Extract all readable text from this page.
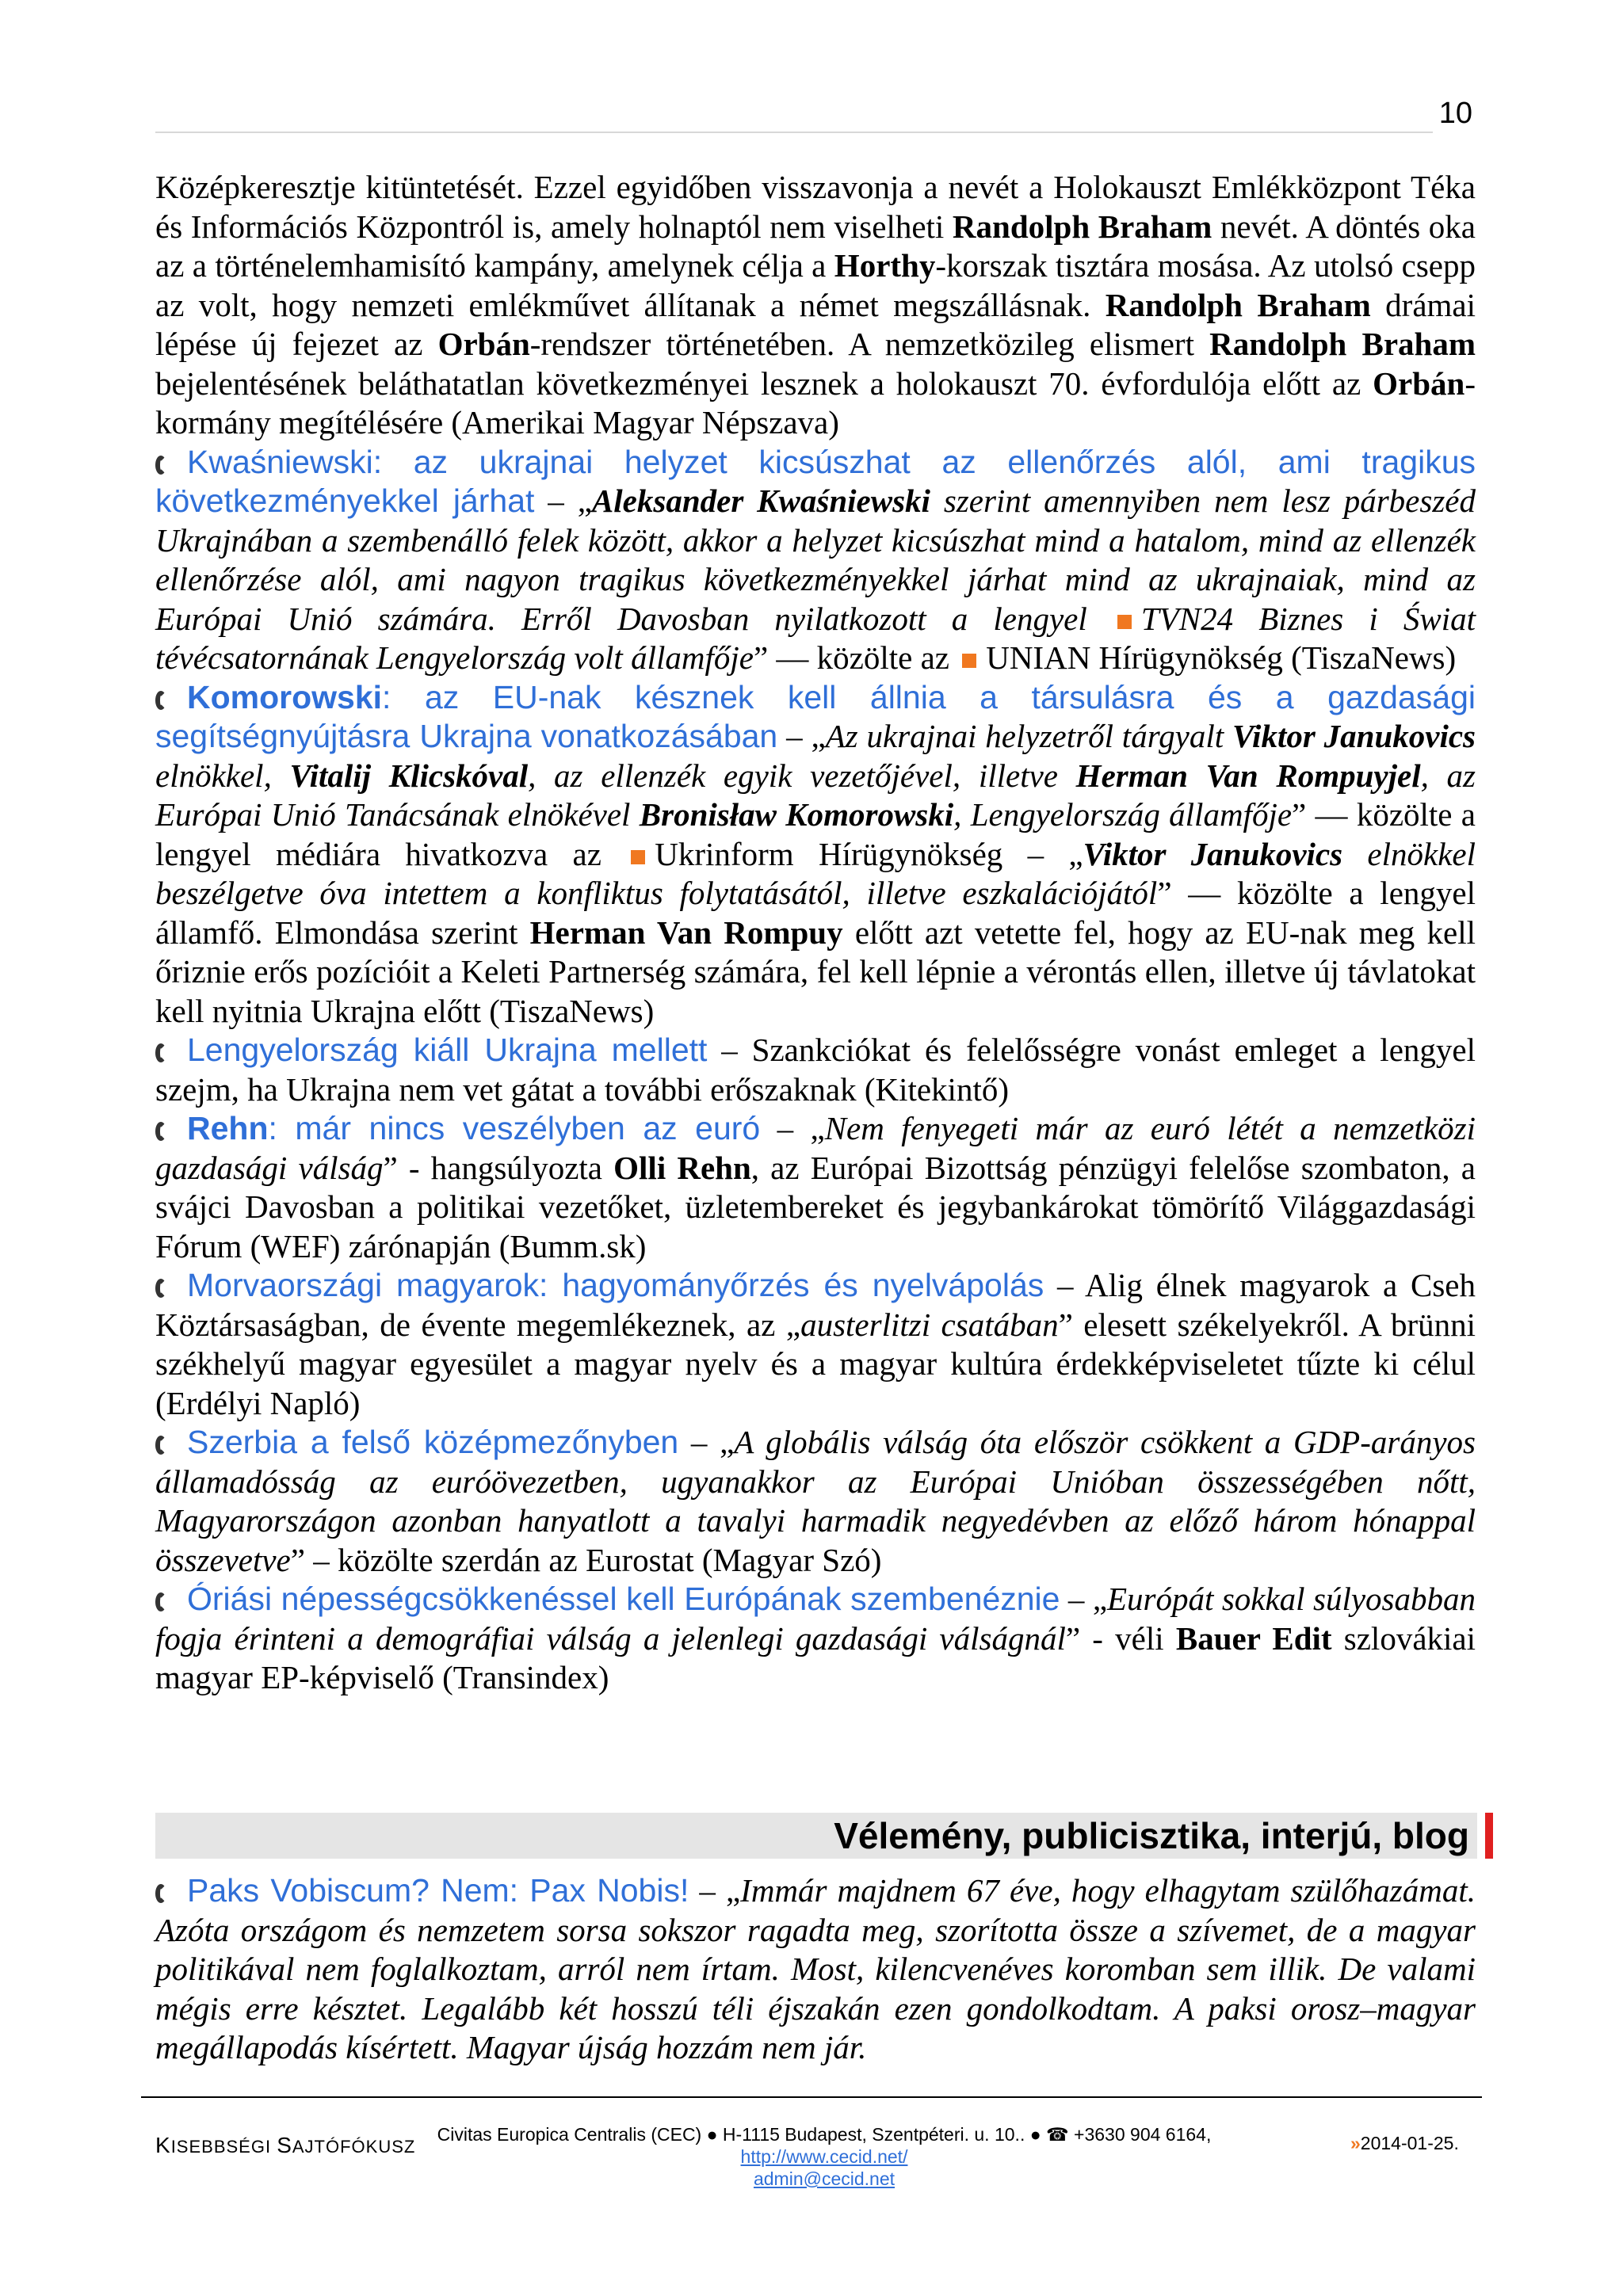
10

Középkeresztje kitüntetését. Ezzel egyidőben visszavonja a nevét a Holokauszt Emlékközpont Téka és Információs Központról is, amely holnaptól nem viselheti Randolph Braham nevét. A döntés oka az a történelemhamisító kampány, amelynek célja a Horthy-korszak tisztára mosása. Az utolsó csepp az volt, hogy nemzeti emlékművet állítanak a német megszállásnak. Randolph Braham drámai lépése új fejezet az Orbán-rendszer történetében. A nemzetközileg elismert Randolph Braham bejelentésének beláthatatlan következményei lesznek a holokauszt 70. évfordulója előtt az Orbán-kormány megítélésére (Amerikai Magyar Népszava)

Kwaśniewski: az ukrajnai helyzet kicsúszhat az ellenőrzés alól, ami tragikus következményekkel járhat – „Aleksander Kwaśniewski szerint amennyiben nem lesz párbeszéd Ukrajnában a szembenálló felek között, akkor a helyzet kicsúszhat mind a hatalom, mind az ellenzék ellenőrzése alól, ami nagyon tragikus következményekkel járhat mind az ukrajnaiak, mind az Európai Unió számára. Erről Davosban nyilatkozott a lengyel TVN24 Biznes i Świat tévécsatornának Lengyelország volt államfője” — közölte az UNIAN Hírügynökség (TiszaNews)

Komorowski: az EU-nak késznek kell állnia a társulásra és a gazdasági segítségnyújtásra Ukrajna vonatkozásában – „Az ukrajnai helyzetről tárgyalt Viktor Janukovics elnökkel, Vitalij Klicskóval, az ellenzék egyik vezetőjével, illetve Herman Van Rompuyjel, az Európai Unió Tanácsának elnökével Bronisław Komorowski, Lengyelország államfője” — közölte a lengyel médiára hivatkozva az Ukrinform Hírügynökség – „Viktor Janukovics elnökkel beszélgetve óva intettem a konfliktus folytatásától, illetve eszkalációjától” — közölte a lengyel államfő. Elmondása szerint Herman Van Rompuy előtt azt vetette fel, hogy az EU-nak meg kell őriznie erős pozícióit a Keleti Partnerség számára, fel kell lépnie a vérontás ellen, illetve új távlatokat kell nyitnia Ukrajna előtt (TiszaNews)

Lengyelország kiáll Ukrajna mellett – Szankciókat és felelősségre vonást emleget a lengyel szejm, ha Ukrajna nem vet gátat a további erőszaknak (Kitekintő)

Rehn: már nincs veszélyben az euró – „Nem fenyegeti már az euró létét a nemzetközi gazdasági válság” - hangsúlyozta Olli Rehn, az Európai Bizottság pénzügyi felelőse szombaton, a svájci Davosban a politikai vezetőket, üzletembereket és jegybankárokat tömörítő Világgazdasági Fórum (WEF) zárónapján (Bumm.sk)

Morvaországi magyarok: hagyományőrzés és nyelvápolás – Alig élnek magyarok a Cseh Köztársaságban, de évente megemlékeznek, az „austerlitzi csatában” elesett székelyekről. A brünni székhelyű magyar egyesület a magyar nyelv és a magyar kultúra érdekképviseletet tűzte ki célul (Erdélyi Napló)

Szerbia a felső középmezőnyben – „A globális válság óta először csökkent a GDP-arányos államadósság az euróövezetben, ugyanakkor az Európai Unióban összességében nőtt, Magyarországon azonban hanyatlott a tavalyi harmadik negyedévben az előző három hónappal összevetve” – közölte szerdán az Eurostat (Magyar Szó)

Óriási népességcsökkenéssel kell Európának szembenéznie – „Európát sokkal súlyosabban fogja érinteni a demográfiai válság a jelenlegi gazdasági válságnál” - véli Bauer Edit szlovákiai magyar EP-képviselő (Transindex)

Vélemény, publicisztika, interjú, blog

Paks Vobiscum? Nem: Pax Nobis! – „Immár majdnem 67 éve, hogy elhagytam szülőhazámat. Azóta országom és nemzetem sorsa sokszor ragadta meg, szorította össze a szívemet, de a magyar politikával nem foglalkoztam, arról nem írtam. Most, kilencvenéves koromban sem illik. De valami mégis erre késztet. Legalább két hosszú téli éjszakán ezen gondolkodtam. A paksi orosz–magyar megállapodás kísértett. Magyar újság hozzám nem jár.

KISEBBSÉGI SAJTÓFÓKUSZ
Civitas Europica Centralis (CEC) ● H-1115 Budapest, Szentpéteri. u. 10.. ● ☎ +3630 904 6164,
http://www.cecid.net/
admin@cecid.net
»2014-01-25.
